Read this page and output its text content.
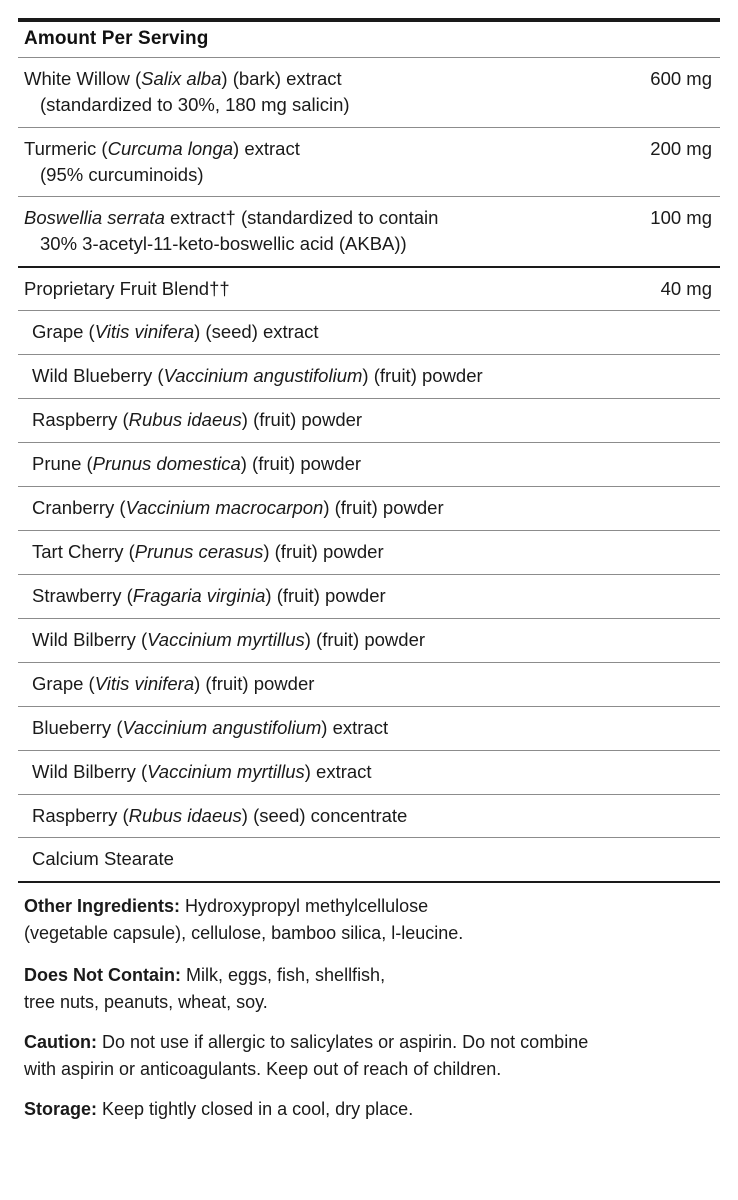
Amount Per Serving
White Willow (Salix alba) (bark) extract
(standardized to 30%, 180 mg salicin)
600 mg
Turmeric (Curcuma longa) extract
(95% curcuminoids)
200 mg
Boswellia serrata extract† (standardized to contain
30% 3-acetyl-11-keto-boswellic acid (AKBA))
100 mg
Proprietary Fruit Blend††	40 mg
Grape (Vitis vinifera) (seed) extract
Wild Blueberry (Vaccinium angustifolium) (fruit) powder
Raspberry (Rubus idaeus) (fruit) powder
Prune (Prunus domestica) (fruit) powder
Cranberry (Vaccinium macrocarpon) (fruit) powder
Tart Cherry (Prunus cerasus) (fruit) powder
Strawberry (Fragaria virginia) (fruit) powder
Wild Bilberry (Vaccinium myrtillus) (fruit) powder
Grape (Vitis vinifera) (fruit) powder
Blueberry (Vaccinium angustifolium) extract
Wild Bilberry (Vaccinium myrtillus) extract
Raspberry (Rubus idaeus) (seed) concentrate
Calcium Stearate

Other Ingredients: Hydroxypropyl methylcellulose

(vegetable capsule), cellulose, bamboo silica, l-leucine.

Does Not Contain: Milk, eggs, fish, shellfish,

tree nuts, peanuts, wheat, soy.

Caution: Do not use if allergic to salicylates or aspirin. Do not combine

with aspirin or anticoagulants. Keep out of reach of children.

Storage: Keep tightly closed in a cool, dry place.
